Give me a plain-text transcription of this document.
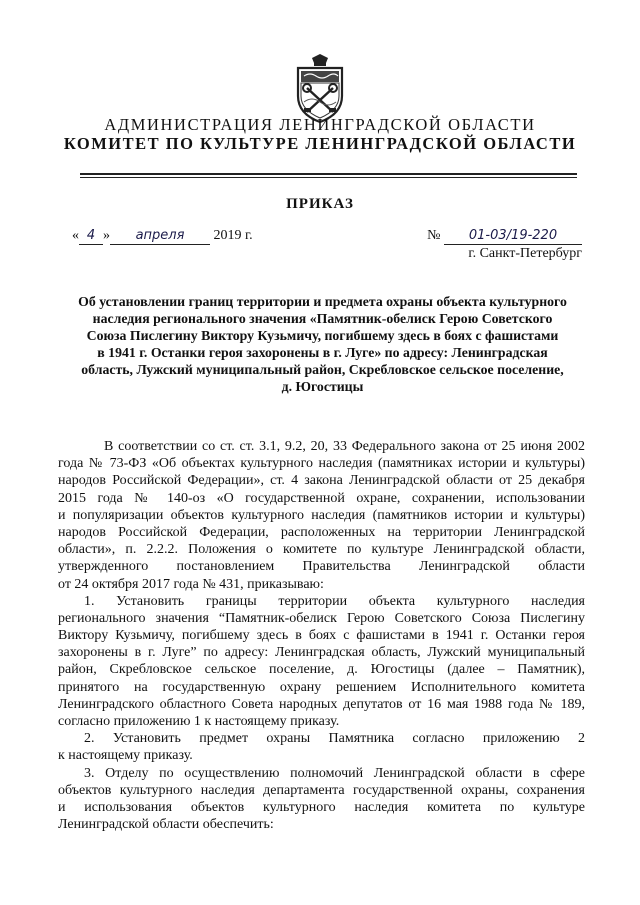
АДМИНИСТРАЦИЯ ЛЕНИНГРАДСКОЙ ОБЛАСТИ
КОМИТЕТ ПО КУЛЬТУРЕ ЛЕНИНГРАДСКОЙ ОБЛАСТИ
ПРИКАЗ
« 4 » апреля 2019 г.	№ 01-03/19-220
г. Санкт-Петербург
Об установлении границ территории и предмета охраны объекта культурного
наследия регионального значения «Памятник-обелиск Герою Советского
Союза Пислегину Виктору Кузьмичу, погибшему здесь в боях с фашистами
в 1941 г. Останки героя захоронены в г. Луге» по адресу: Ленинградская
область, Лужский муниципальный район, Скребловское сельское поселение,
д. Югостицы
В соответствии со ст. ст. 3.1, 9.2, 20, 33 Федерального закона от 25 июня 2002
года № 73-ФЗ «Об объектах культурного наследия (памятниках истории и культуры)
народов Российской Федерации», ст. 4 закона Ленинградской области от 25 декабря
2015 года № 140-оз «О государственной охране, сохранении, использовании
и популяризации объектов культурного наследия (памятников истории и культуры)
народов Российской Федерации, расположенных на территории Ленинградской
области», п. 2.2.2. Положения о комитете по культуре Ленинградской области,
утвержденного постановлением Правительства Ленинградской области
от 24 октября 2017 года № 431, приказываю:
1. Установить границы территории объекта культурного наследия
регионального значения “Памятник-обелиск Герою Советского Союза Пислегину
Виктору Кузьмичу, погибшему здесь в боях с фашистами в 1941 г. Останки героя
захоронены в г. Луге” по адресу: Ленинградская область, Лужский муниципальный
район, Скребловское сельское поселение, д. Югостицы (далее – Памятник),
принятого на государственную охрану решением Исполнительного комитета
Ленинградского областного Совета народных депутатов от 16 мая 1988 года № 189,
согласно приложению 1 к настоящему приказу.
2. Установить предмет охраны Памятника согласно приложению 2
к настоящему приказу.
3. Отделу по осуществлению полномочий Ленинградской области в сфере
объектов культурного наследия департамента государственной охраны, сохранения
и использования объектов культурного наследия комитета по культуре
Ленинградской области обеспечить:
